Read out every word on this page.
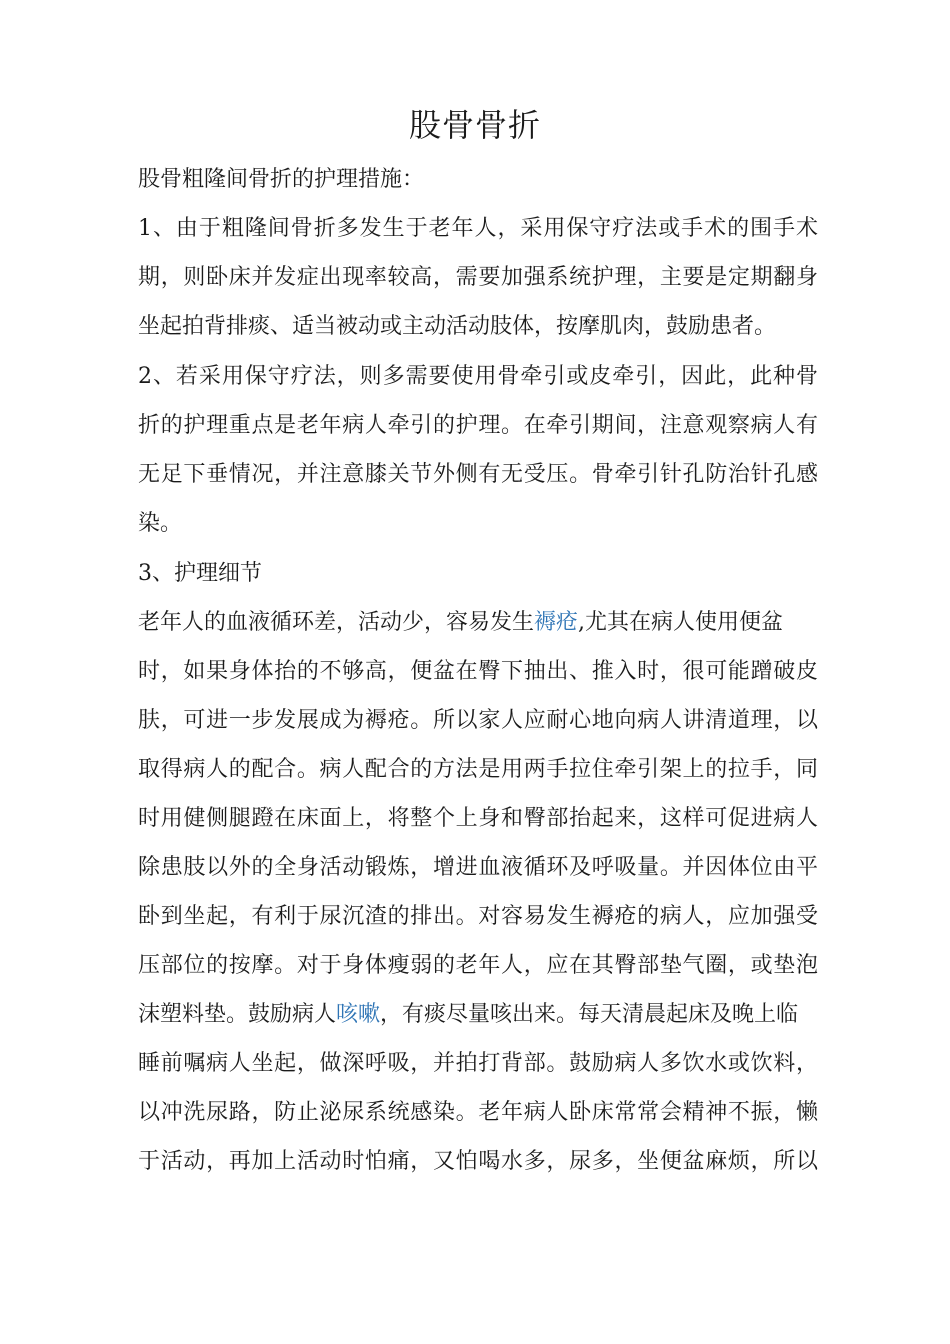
股骨骨折
股骨粗隆间骨折的护理措施：
1、由于粗隆间骨折多发生于老年人，采用保守疗法或手术的围手术
期，则卧床并发症出现率较高，需要加强系统护理，主要是定期翻身
坐起拍背排痰、适当被动或主动活动肢体，按摩肌肉，鼓励患者。
2、若采用保守疗法，则多需要使用骨牵引或皮牵引，因此，此种骨
折的护理重点是老年病人牵引的护理。在牵引期间，注意观察病人有
无足下垂情况，并注意膝关节外侧有无受压。骨牵引针孔防治针孔感
染。
3、护理细节
老年人的血液循环差，活动少，容易发生褥疮,尤其在病人使用便盆
时，如果身体抬的不够高，便盆在臀下抽出、推入时，很可能蹭破皮
肤，可进一步发展成为褥疮。所以家人应耐心地向病人讲清道理，以
取得病人的配合。病人配合的方法是用两手拉住牵引架上的拉手，同
时用健侧腿蹬在床面上，将整个上身和臀部抬起来，这样可促进病人
除患肢以外的全身活动锻炼，增进血液循环及呼吸量。并因体位由平
卧到坐起，有利于尿沉渣的排出。对容易发生褥疮的病人，应加强受
压部位的按摩。对于身体瘦弱的老年人，应在其臀部垫气圈，或垫泡
沫塑料垫。鼓励病人咳嗽，有痰尽量咳出来。每天清晨起床及晚上临
睡前嘱病人坐起，做深呼吸，并拍打背部。鼓励病人多饮水或饮料，
以冲洗尿路，防止泌尿系统感染。老年病人卧床常常会精神不振，懒
于活动，再加上活动时怕痛，又怕喝水多，尿多，坐便盆麻烦，所以
